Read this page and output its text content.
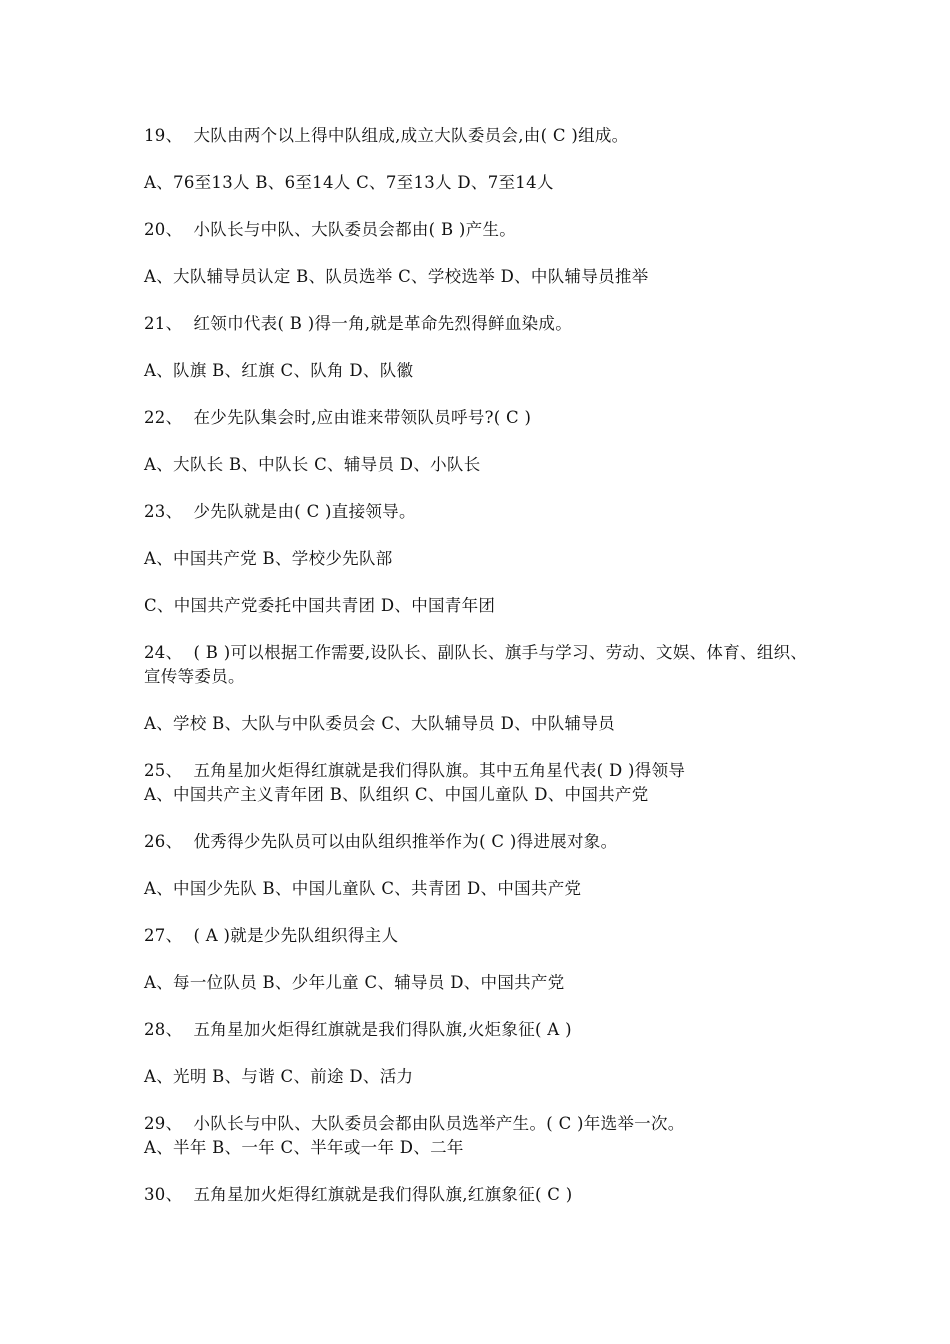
19、  大队由两个以上得中队组成,成立大队委员会,由( C )组成。
A、76至13人 B、6至14人 C、7至13人 D、7至14人
20、  小队长与中队、大队委员会都由( B )产生。
A、大队辅导员认定 B、队员选举 C、学校选举 D、中队辅导员推举
21、  红领巾代表( B )得一角,就是革命先烈得鲜血染成。
A、队旗 B、红旗 C、队角 D、队徽
22、  在少先队集会时,应由谁来带领队员呼号?( C )
A、大队长 B、中队长 C、辅导员 D、小队长
23、  少先队就是由( C )直接领导。
A、中国共产党 B、学校少先队部
C、中国共产党委托中国共青团 D、中国青年团
24、  ( B )可以根据工作需要,设队长、副队长、旗手与学习、劳动、文娱、体育、组织、宣传等委员。
A、学校 B、大队与中队委员会 C、大队辅导员 D、中队辅导员
25、  五角星加火炬得红旗就是我们得队旗。其中五角星代表( D )得领导
A、中国共产主义青年团 B、队组织 C、中国儿童队 D、中国共产党
26、  优秀得少先队员可以由队组织推举作为( C )得进展对象。
A、中国少先队 B、中国儿童队 C、共青团 D、中国共产党
27、  ( A )就是少先队组织得主人
A、每一位队员 B、少年儿童 C、辅导员 D、中国共产党
28、  五角星加火炬得红旗就是我们得队旗,火炬象征( A )
A、光明 B、与谐 C、前途 D、活力
29、  小队长与中队、大队委员会都由队员选举产生。( C )年选举一次。
A、半年 B、一年 C、半年或一年 D、二年
30、  五角星加火炬得红旗就是我们得队旗,红旗象征( C )
